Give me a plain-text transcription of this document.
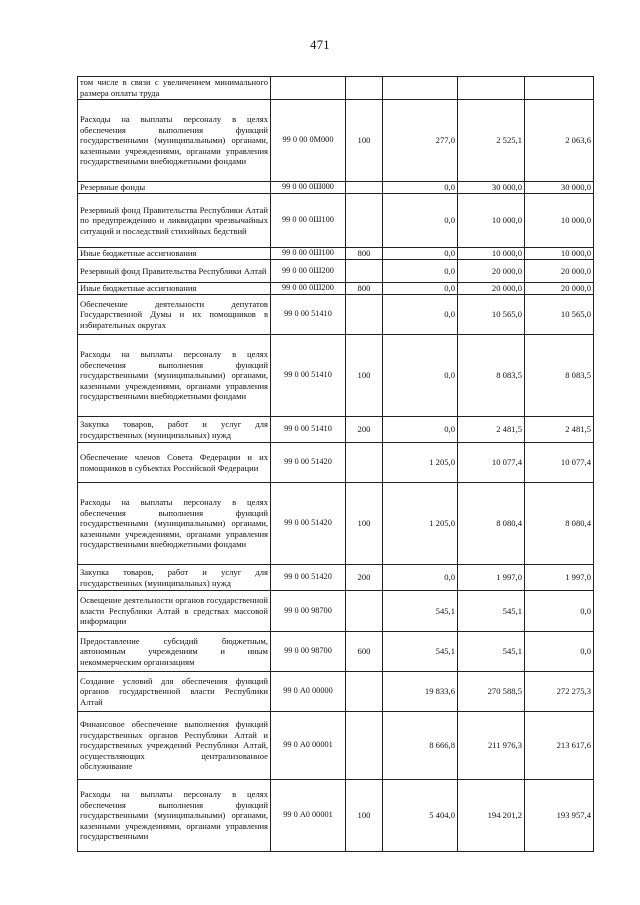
471
том числе в связи с увеличением минимального размера оплаты труда					
Расходы на выплаты персоналу в целях обеспечения выполнения функций государственными (муниципальными) органами, казенными учреждениями, органами управления государственными внебюджетными фондами	99 0 00 0М000	100	277,0	2 525,1	2 063,6
Резервные фонды	99 0 00 0Ш000		0,0	30 000,0	30 000,0
Резервный фонд Правительства Республики Алтай по предупреждению и ликвидации чрезвычайных ситуаций и последствий стихийных бедствий	99 0 00 0Ш100		0,0	10 000,0	10 000,0
Иные бюджетные ассигнования	99 0 00 0Ш100	800	0,0	10 000,0	10 000,0
Резервный фонд Правительства Республики Алтай	99 0 00 0Ш200		0,0	20 000,0	20 000,0
Иные бюджетные ассигнования	99 0 00 0Ш200	800	0,0	20 000,0	20 000,0
Обеспечение деятельности депутатов Государственной Думы и их помощников в избирательных округах	99 0 00 51410		0,0	10 565,0	10 565,0
Расходы на выплаты персоналу в целях обеспечения выполнения функций государственными (муниципальными) органами, казенными учреждениями, органами управления государственными внебюджетными фондами	99 0 00 51410	100	0,0	8 083,5	8 083,5
Закупка товаров, работ и услуг для государственных (муниципальных) нужд	99 0 00 51410	200	0,0	2 481,5	2 481,5
Обеспечение членов Совета Федерации и их помощников в субъектах Российской Федерации	99 0 00 51420		1 205,0	10 077,4	10 077,4
Расходы на выплаты персоналу в целях обеспечения выполнения функций государственными (муниципальными) органами, казенными учреждениями, органами управления государственными внебюджетными фондами	99 0 00 51420	100	1 205,0	8 080,4	8 080,4
Закупка товаров, работ и услуг для государственных (муниципальных) нужд	99 0 00 51420	200	0,0	1 997,0	1 997,0
Освещение деятельности органов государственной власти Республики Алтай в средствах массовой информации	99 0 00 98700		545,1	545,1	0,0
Предоставление субсидий бюджетным, автономным учреждениям и иным некоммерческим организациям	99 0 00 98700	600	545,1	545,1	0,0
Создание условий для обеспечения функций органов государственной власти Республики Алтай	99 0 А0 00000		19 833,6	270 588,5	272 275,3
Финансовое обеспечение выполнения функций государственных органов Республики Алтай и государственных учреждений Республики Алтай, осуществляющих централизованное обслуживание	99 0 А0 00001		8 666,8	211 976,3	213 617,6
Расходы на выплаты персоналу в целях обеспечения выполнения функций государственными (муниципальными) органами, казенными учреждениями, органами управления государственными	99 0 А0 00001	100	5 404,0	194 201,2	193 957,4
